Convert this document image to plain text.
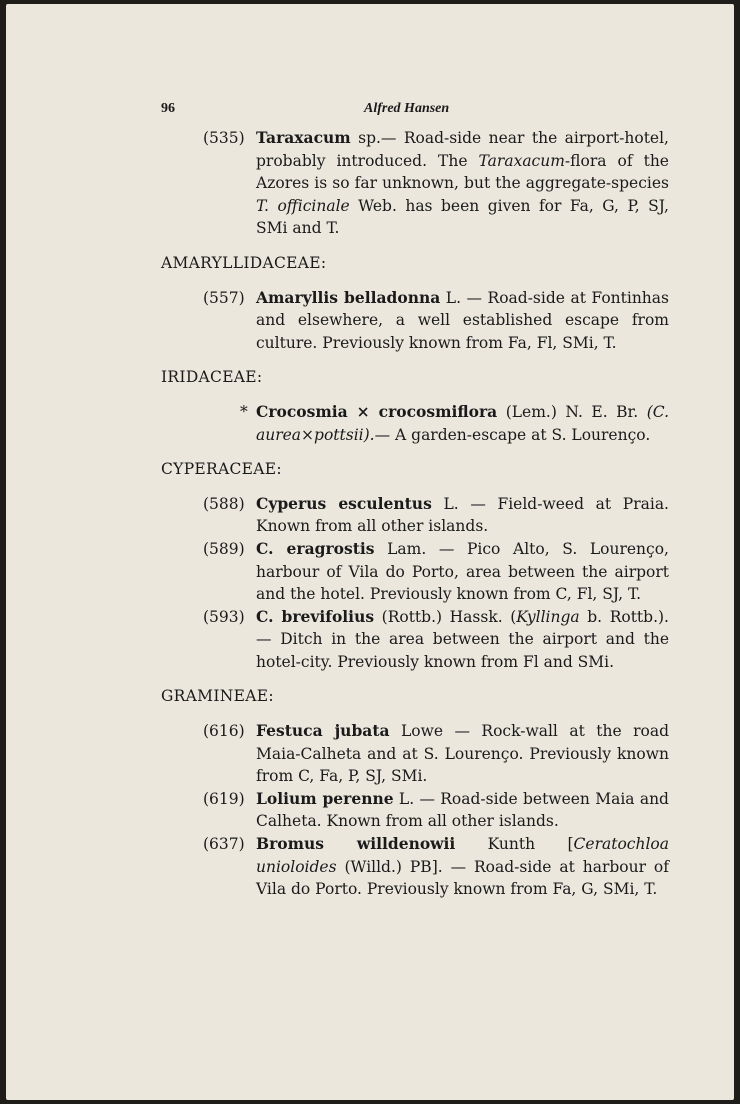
96	Alfred Hansen
(535) Taraxacum sp.— Road-side near the airport-hotel, probably introduced. The Taraxacum-flora of the Azores is so far unknown, but the aggregate-species T. officinale Web. has been given for Fa, G, P, SJ, SMi and T.
AMARYLLIDACEAE:
(557) Amaryllis belladonna L. — Road-side at Fontinhas and elsewhere, a well established escape from culture. Previously known from Fa, Fl, SMi, T.
IRIDACEAE:
* Crocosmia × crocosmiflora (Lem.) N. E. Br. (C. aurea×pottsii).— A garden-escape at S. Lourenço.
CYPERACEAE:
(588) Cyperus esculentus L. — Field-weed at Praia. Known from all other islands.
(589) C. eragrostis Lam. — Pico Alto, S. Lourenço, harbour of Vila do Porto, area between the airport and the hotel. Previously known from C, Fl, SJ, T.
(593) C. brevifolius (Rottb.) Hassk. (Kyllinga b. Rottb.). — Ditch in the area between the airport and the hotel-city. Previously known from Fl and SMi.
GRAMINEAE:
(616) Festuca jubata Lowe — Rock-wall at the road Maia-Calheta and at S. Lourenço. Previously known from C, Fa, P, SJ, SMi.
(619) Lolium perenne L. — Road-side between Maia and Calheta. Known from all other islands.
(637) Bromus willdenowii Kunth [Ceratochloa unioloides (Willd.) PB]. — Road-side at harbour of Vila do Porto. Previously known from Fa, G, SMi, T.
